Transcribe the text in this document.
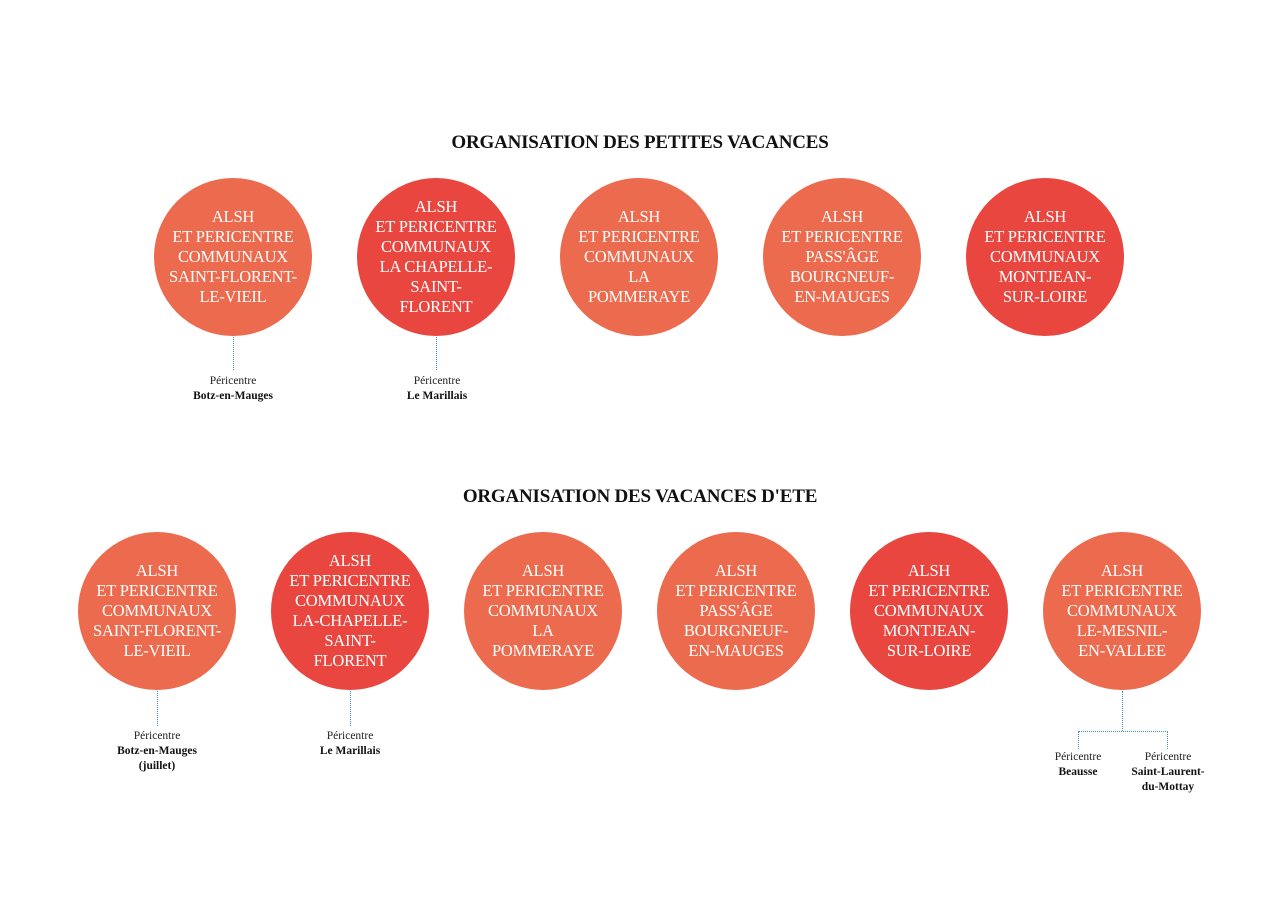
ORGANISATION DES PETITES VACANCES
ALSH
ET PERICENTRE
COMMUNAUX
SAINT-FLORENT-
LE-VIEIL
ALSH
ET PERICENTRE
COMMUNAUX
LA CHAPELLE-
SAINT-
FLORENT
ALSH
ET PERICENTRE
COMMUNAUX
LA
POMMERAYE
ALSH
ET PERICENTRE
PASS'ÂGE
BOURGNEUF-
EN-MAUGES
ALSH
ET PERICENTRE
COMMUNAUX
MONTJEAN-
SUR-LOIRE
Péricentre
Botz-en-Mauges
Péricentre
Le Marillais
ORGANISATION DES VACANCES D'ETE
ALSH
ET PERICENTRE
COMMUNAUX
SAINT-FLORENT-
LE-VIEIL
ALSH
ET PERICENTRE
COMMUNAUX
LA-CHAPELLE-
SAINT-
FLORENT
ALSH
ET PERICENTRE
COMMUNAUX
LA
POMMERAYE
ALSH
ET PERICENTRE
PASS'ÂGE
BOURGNEUF-
EN-MAUGES
ALSH
ET PERICENTRE
COMMUNAUX
MONTJEAN-
SUR-LOIRE
ALSH
ET PERICENTRE
COMMUNAUX
LE-MESNIL-
EN-VALLEE
Péricentre
Botz-en-Mauges
(juillet)
Péricentre
Le Marillais	Péricentre
Beausse
Péricentre
Saint-Laurent-
du-Mottay
